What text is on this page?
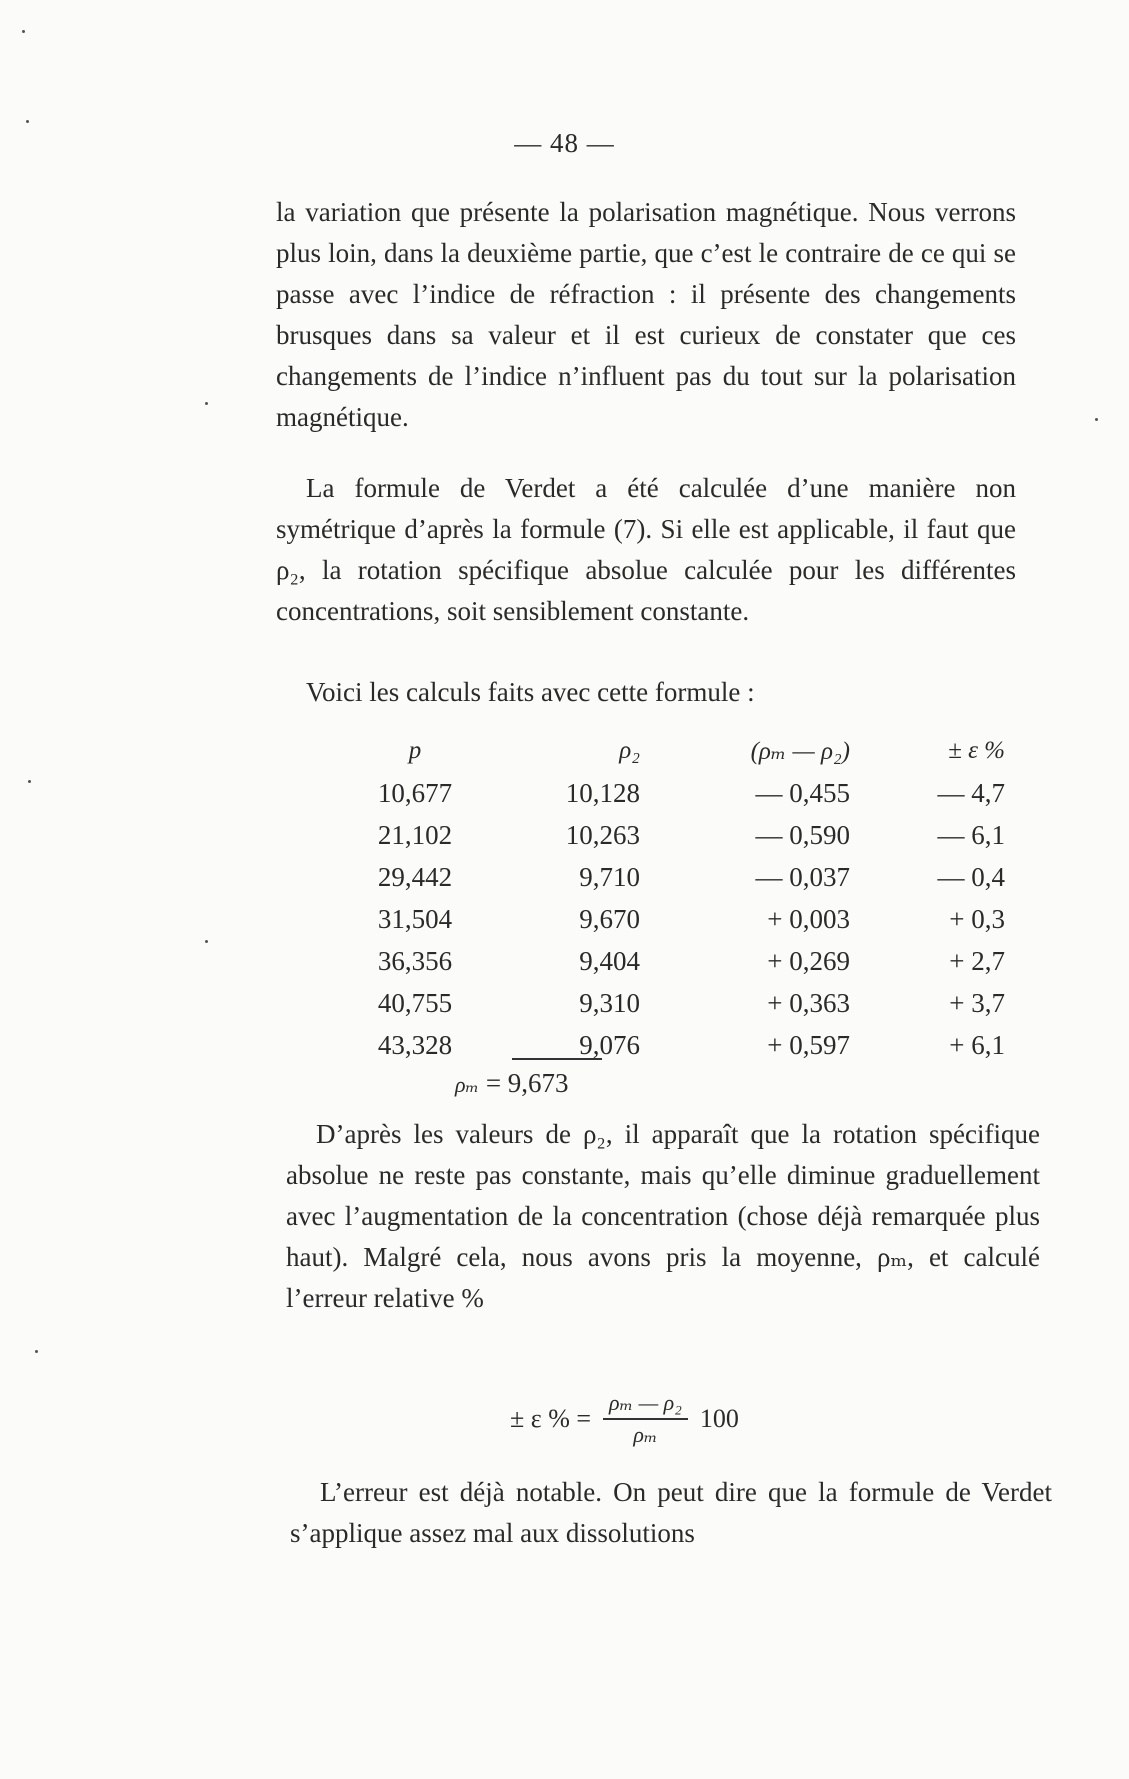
— 48 —

la variation que présente la polarisation magnétique. Nous verrons plus loin, dans la deuxième partie, que c’est le contraire de ce qui se passe avec l’indice de réfraction : il présente des changements brusques dans sa valeur et il est curieux de constater que ces changements de l’indice n’influent pas du tout sur la polarisation magnétique.

La formule de Verdet a été calculée d’une manière non symétrique d’après la formule (7). Si elle est applicable, il faut que ρ₂, la rotation spécifique absolue calculée pour les différentes concentrations, soit sensiblement constante.

Voici les calculs faits avec cette formule :

p	ρ₂	(ρₘ — ρ₂)	± ε %
10,677	10,128	— 0,455	— 4,7
21,102	10,263	— 0,590	— 6,1
29,442	9,710	— 0,037	— 0,4
31,504	9,670	+ 0,003	+ 0,3
36,356	9,404	+ 0,269	+ 2,7
40,755	9,310	+ 0,363	+ 3,7
43,328	9,076	+ 0,597	+ 6,1
ρₘ = 9,673

D’après les valeurs de ρ₂, il apparaît que la rotation spécifique absolue ne reste pas constante, mais qu’elle diminue graduellement avec l’augmentation de la concentration (chose déjà remarquée plus haut). Malgré cela, nous avons pris la moyenne, ρₘ, et calculé l’erreur relative %

± ε % = $\frac{\text{ρₘ — ρ₂}}{\text{ρₘ}} 100$

L’erreur est déjà notable. On peut dire que la formule de Verdet s’applique assez mal aux dissolutions
